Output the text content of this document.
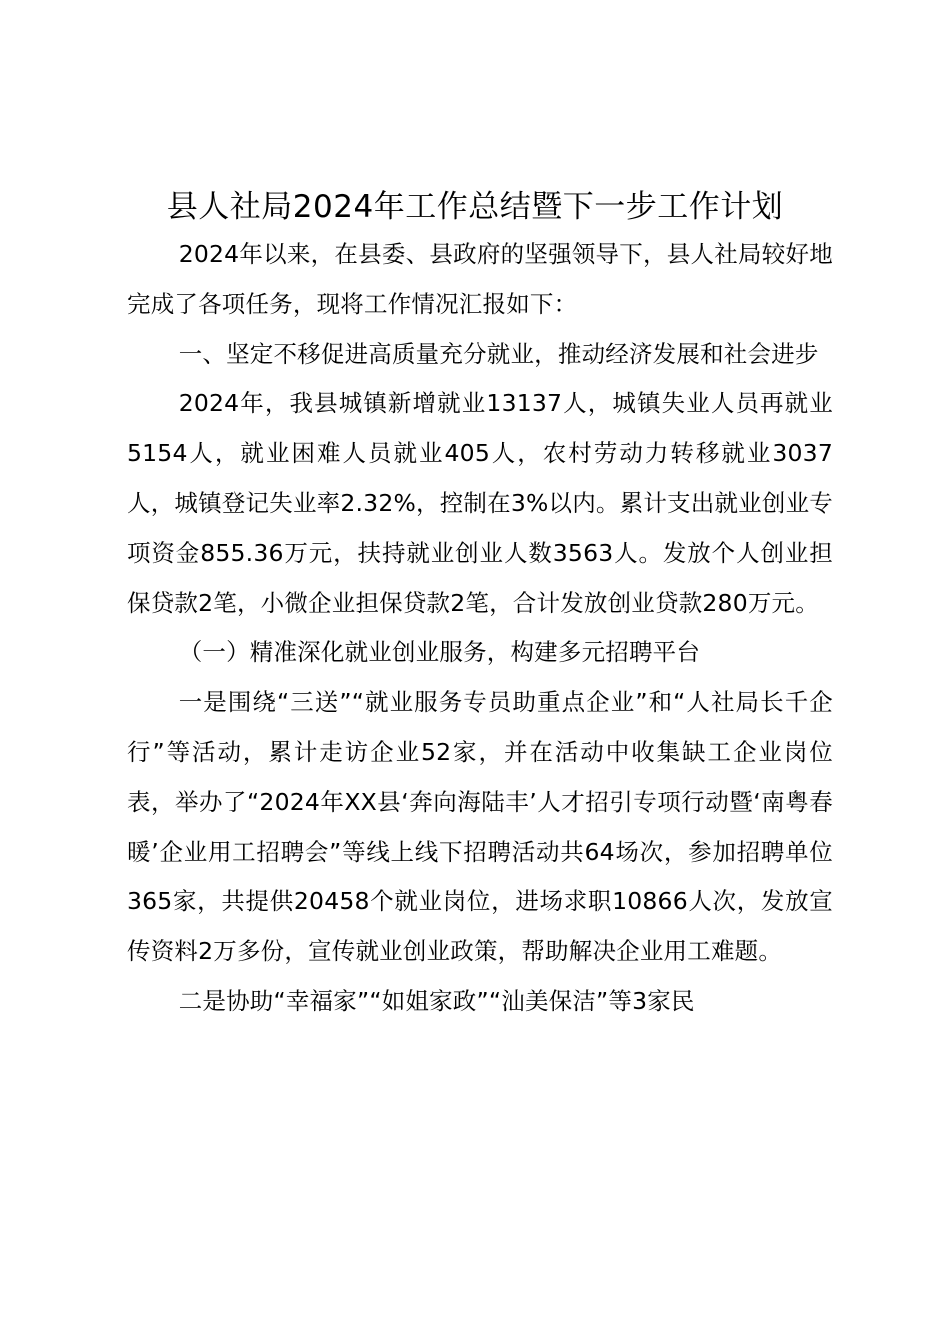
县人社局2024年工作总结暨下一步工作计划

2024年以来，在县委、县政府的坚强领导下，县人社局较好地完成了各项任务，现将工作情况汇报如下：

一、坚定不移促进高质量充分就业，推动经济发展和社会进步

2024年，我县城镇新增就业13137人，城镇失业人员再就业5154人，就业困难人员就业405人，农村劳动力转移就业3037人，城镇登记失业率2.32%，控制在3%以内。累计支出就业创业专项资金855.36万元，扶持就业创业人数3563人。发放个人创业担保贷款2笔，小微企业担保贷款2笔，合计发放创业贷款280万元。

（一）精准深化就业创业服务，构建多元招聘平台

一是围绕“三送”“就业服务专员助重点企业”和“人社局长千企行”等活动，累计走访企业52家，并在活动中收集缺工企业岗位表，举办了“2024年XX县‘奔向海陆丰’人才招引专项行动暨‘南粤春暖’企业用工招聘会”等线上线下招聘活动共64场次，参加招聘单位365家，共提供20458个就业岗位，进场求职10866人次，发放宣传资料2万多份，宣传就业创业政策，帮助解决企业用工难题。

二是协助“幸福家”“如姐家政”“汕美保洁”等3家民
